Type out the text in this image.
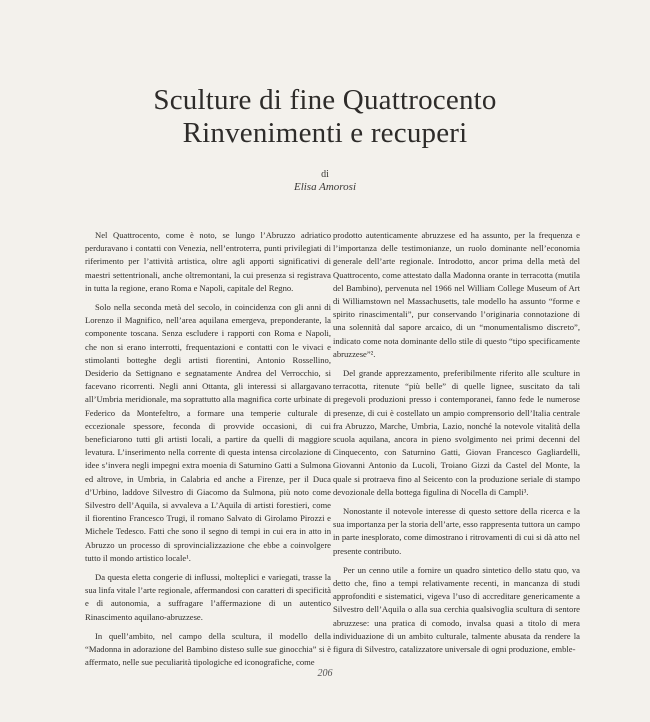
Sculture di fine Quattrocento
Rinvenimenti e recuperi
di
Elisa Amorosi

Nel Quattrocento, come è noto, se lungo l’Abruzzo adriatico perduravano i contatti con Venezia, nell’entroterra, punti privilegiati di riferimento per l’attività artistica, oltre agli apporti significativi di maestri settentrionali, anche oltremontani, la cui presenza si registrava in tutta la regione, erano Roma e Napoli, capitale del Regno.

Solo nella seconda metà del secolo, in coincidenza con gli anni di Lorenzo il Magnifico, nell’area aquilana emergeva, preponderante, la componente toscana. Senza escludere i rapporti con Roma e Napoli, che non si erano interrotti, frequentazioni e contatti con le vivaci e stimolanti botteghe degli artisti fiorentini, Antonio Rossellino, Desiderio da Settignano e segnatamente Andrea del Verrocchio, si facevano ricorrenti. Negli anni Ottanta, gli interessi si allargavano all’Umbria meridionale, ma soprattutto alla magnifica corte urbinate di Federico da Montefeltro, a formare una temperie culturale di eccezionale spessore, feconda di provvide occasioni, di cui beneficiarono tutti gli artisti locali, a partire da quelli di maggiore levatura. L’inserimento nella corrente di questa intensa circolazione di idee s’invera negli impegni extra moenia di Saturnino Gatti a Sulmona ed altrove, in Umbria, in Calabria ed anche a Firenze, per il Duca d’Urbino, laddove Silvestro di Giacomo da Sulmona, più noto come Silvestro dell’Aquila, si avvaleva a L’Aquila di artisti forestieri, come il fiorentino Francesco Trugi, il romano Salvato di Girolamo Pirozzi e Michele Tedesco. Fatti che sono il segno di tempi in cui era in atto in Abruzzo un processo di sprovincializzazione che ebbe a coinvolgere tutto il mondo artistico locale¹.

Da questa eletta congerie di influssi, molteplici e variegati, trasse la sua linfa vitale l’arte regionale, affermandosi con caratteri di specificità e di autonomia, a suffragare l’affermazione di un autentico Rinascimento aquilano-abruzzese.

In quell’ambito, nel campo della scultura, il modello della “Madonna in adorazione del Bambino disteso sulle sue ginocchia” si è affermato, nelle sue peculiarità tipologiche ed iconografiche, come

prodotto autenticamente abruzzese ed ha assunto, per la frequenza e l’importanza delle testimonianze, un ruolo dominante nell’economia generale dell’arte regionale. Introdotto, ancor prima della metà del Quattrocento, come attestato dalla Madonna orante in terracotta (mutila del Bambino), pervenuta nel 1966 nel William College Museum of Art di Williamstown nel Massachusetts, tale modello ha assunto “forme e spirito rinascimentali”, pur conservando l’originaria connotazione di una solennità dal sapore arcaico, di un “monumentalismo discreto”, indicato come nota dominante dello stile di questo “tipo specificamente abruzzese”².

Del grande apprezzamento, preferibilmente riferito alle sculture in terracotta, ritenute “più belle” di quelle lignee, suscitato da tali pregevoli produzioni presso i contemporanei, fanno fede le numerose presenze, di cui è costellato un ampio comprensorio dell’Italia centrale fra Abruzzo, Marche, Umbria, Lazio, nonché la notevole vitalità della scuola aquilana, ancora in pieno svolgimento nei primi decenni del Cinquecento, con Saturnino Gatti, Giovan Francesco Gagliardelli, Giovanni Antonio da Lucoli, Troiano Gizzi da Castel del Monte, la quale si protraeva fino al Seicento con la produzione seriale di stampo devozionale della bottega figulina di Nocella di Campli³.

Nonostante il notevole interesse di questo settore della ricerca e la sua importanza per la storia dell’arte, esso rappresenta tuttora un campo in parte inesplorato, come dimostrano i ritrovamenti di cui si dà atto nel presente contributo.

Per un cenno utile a fornire un quadro sintetico dello statu quo, va detto che, fino a tempi relativamente recenti, in mancanza di studi approfonditi e sistematici, vigeva l’uso di accreditare genericamente a Silvestro dell’Aquila o alla sua cerchia qualsivoglia scultura di sentore abruzzese: una pratica di comodo, invalsa quasi a titolo di mera individuazione di un ambito culturale, talmente abusata da rendere la figura di Silvestro, catalizzatore universale di ogni produzione, emble-

206
